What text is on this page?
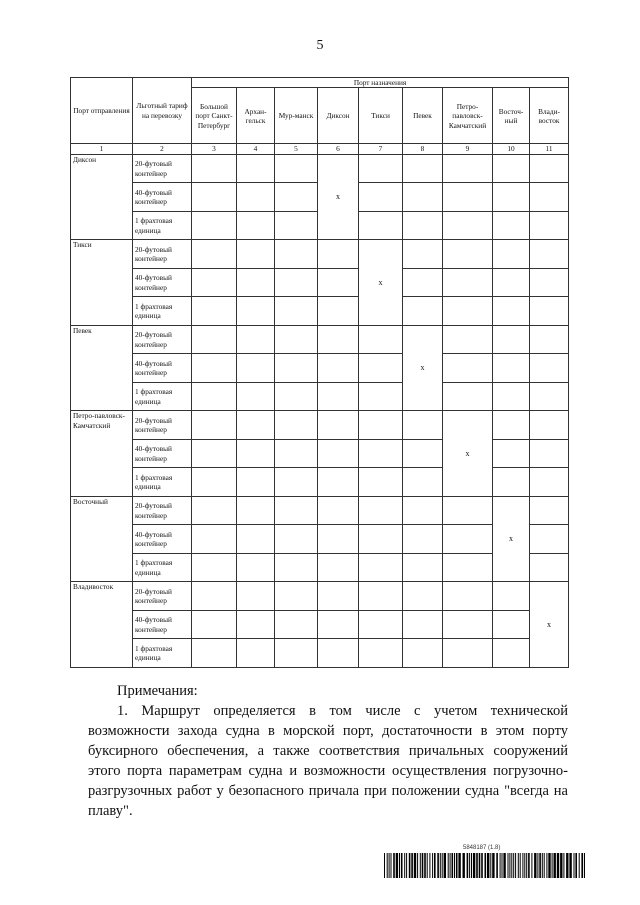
5
Порт отправления	Льготный тариф на перевозку	Порт назначения								
		Большой порт Санкт-Петербург	Архан-гельск	Мур-манск	Диксон	Тикси	Певек	Петро-павловск-Камчатский	Восточ-ный	Влади-восток
1	2	3	4	5	6	7	8	9	10	11
Диксон	20-футовый контейнер				х					
	40-футовый контейнер									
	1 фрахтовая единица									
Тикси	20-футовый контейнер					х				
	40-футовый контейнер									
	1 фрахтовая единица									
Певек	20-футовый контейнер						х			
	40-футовый контейнер									
	1 фрахтовая единица									
Петро-павловск-Камчатский	20-футовый контейнер							х		
	40-футовый контейнер									
	1 фрахтовая единица									
Восточный	20-футовый контейнер								х	
	40-футовый контейнер									
	1 фрахтовая единица									
Владивосток	20-футовый контейнер									х
	40-футовый контейнер									
	1 фрахтовая единица									
Примечания:
1. Маршрут определяется в том числе с учетом технической возможности захода судна в морской порт, достаточности в этом порту буксирного обеспечения, а также соответствия причальных сооружений этого порта параметрам судна и возможности осуществления погрузочно-разгрузочных работ у безопасного причала при положении судна "всегда на плаву".
5848187 (1.8)
